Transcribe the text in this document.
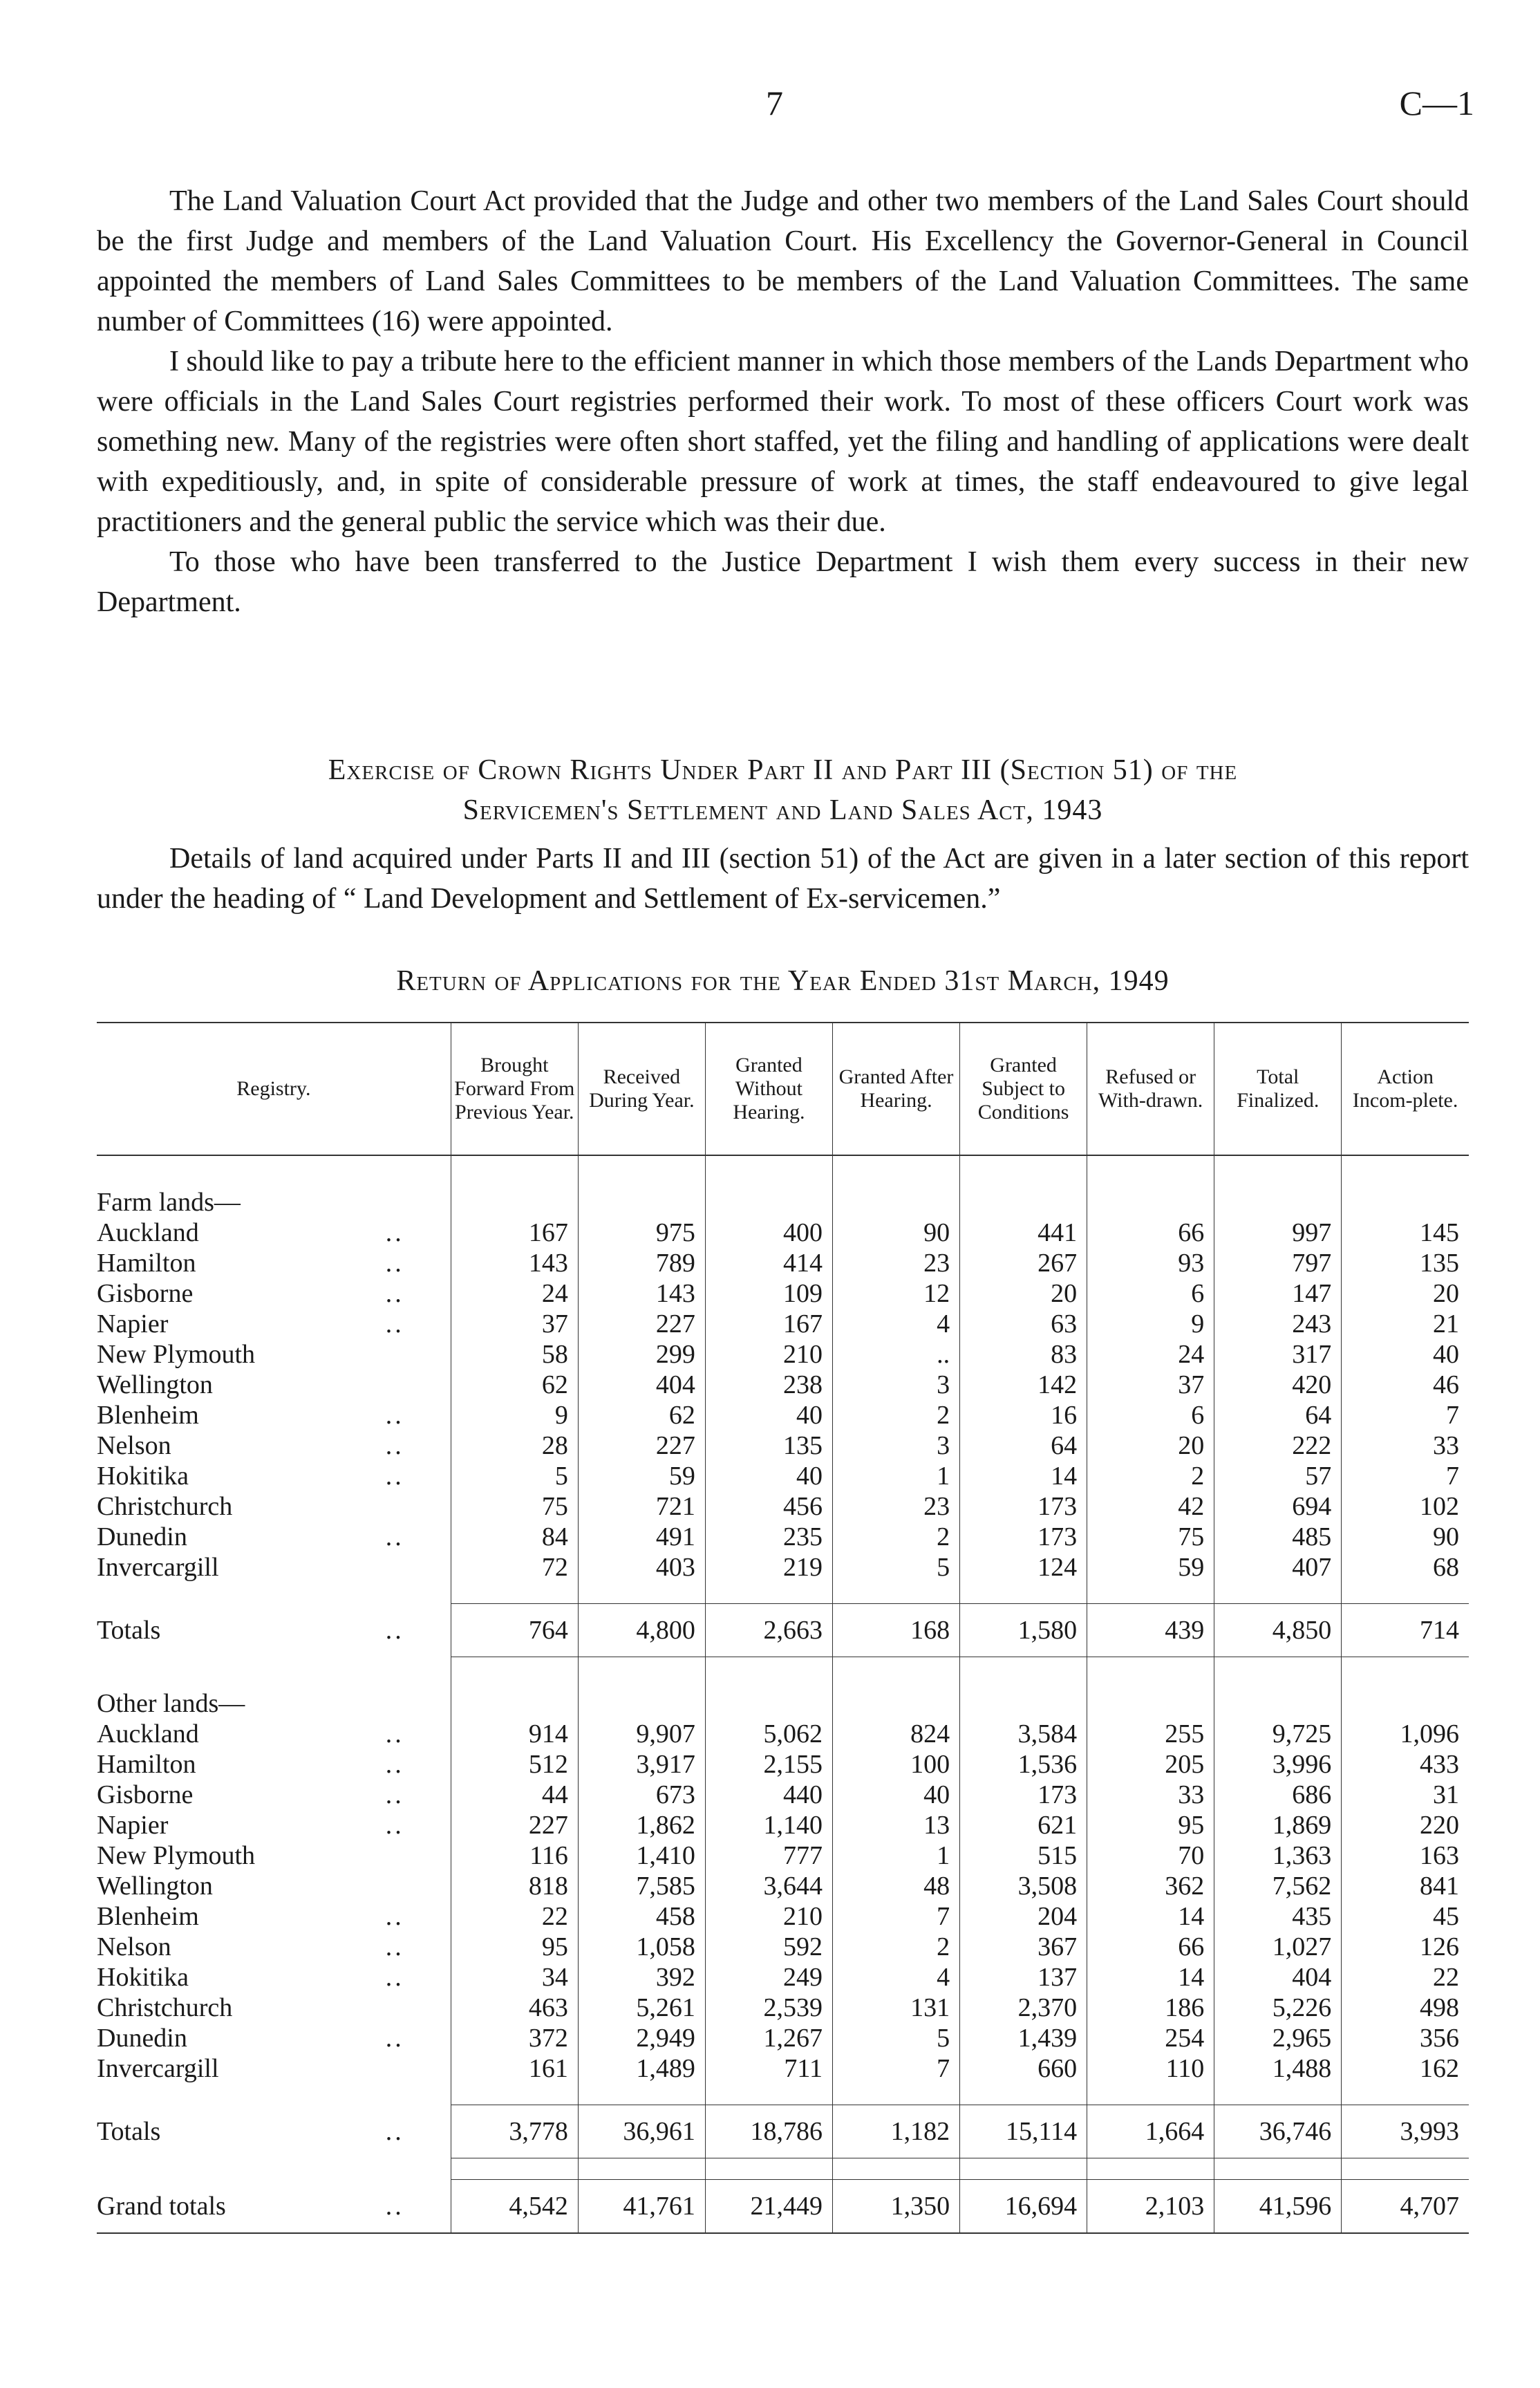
7	C—1

The Land Valuation Court Act provided that the Judge and other two members of the Land Sales Court should be the first Judge and members of the Land Valuation Court. His Excellency the Governor-General in Council appointed the members of Land Sales Committees to be members of the Land Valuation Committees. The same number of Committees (16) were appointed.

I should like to pay a tribute here to the efficient manner in which those members of the Lands Department who were officials in the Land Sales Court registries performed their work. To most of these officers Court work was something new. Many of the registries were often short staffed, yet the filing and handling of applications were dealt with expeditiously, and, in spite of considerable pressure of work at times, the staff endeavoured to give legal practitioners and the general public the service which was their due.

To those who have been transferred to the Justice Department I wish them every success in their new Department.

Exercise of Crown Rights Under Part II and Part III (Section 51) of the
Servicemen's Settlement and Land Sales Act, 1943

Details of land acquired under Parts II and III (section 51) of the Act are given in a later section of this report under the heading of “ Land Development and Settlement of Ex-servicemen.”

Return of Applications for the Year Ended 31st March, 1949
Registry.	Brought Forward From Previous Year.	Received During Year.	Granted Without Hearing.	Granted After Hearing.	Granted Subject to Conditions	Refused or With-drawn.	Total Finalized.	Action Incom-plete.

Farm lands—								

Auckland ..	167	975	400	90	441	66	997	145

Hamilton ..	143	789	414	23	267	93	797	135

Gisborne ..	24	143	109	12	20	6	147	20

Napier ..	37	227	167	4	63	9	243	21

New Plymouth	58	299	210	..	83	24	317	40

Wellington	62	404	238	3	142	37	420	46

Blenheim ..	9	62	40	2	16	6	64	7

Nelson ..	28	227	135	3	64	20	222	33

Hokitika ..	5	59	40	1	14	2	57	7

Christchurch	75	721	456	23	173	42	694	102

Dunedin ..	84	491	235	2	173	75	485	90

Invercargill	72	403	219	5	124	59	407	68

Totals ..	764	4,800	2,663	168	1,580	439	4,850	714

Other lands—								

Auckland ..	914	9,907	5,062	824	3,584	255	9,725	1,096

Hamilton ..	512	3,917	2,155	100	1,536	205	3,996	433

Gisborne ..	44	673	440	40	173	33	686	31

Napier ..	227	1,862	1,140	13	621	95	1,869	220

New Plymouth	116	1,410	777	1	515	70	1,363	163

Wellington	818	7,585	3,644	48	3,508	362	7,562	841

Blenheim ..	22	458	210	7	204	14	435	45

Nelson ..	95	1,058	592	2	367	66	1,027	126

Hokitika ..	34	392	249	4	137	14	404	22

Christchurch	463	5,261	2,539	131	2,370	186	5,226	498

Dunedin ..	372	2,949	1,267	5	1,439	254	2,965	356

Invercargill	161	1,489	711	7	660	110	1,488	162

Totals ..	3,778	36,961	18,786	1,182	15,114	1,664	36,746	3,993

Grand totals ..	4,542	41,761	21,449	1,350	16,694	2,103	41,596	4,707
